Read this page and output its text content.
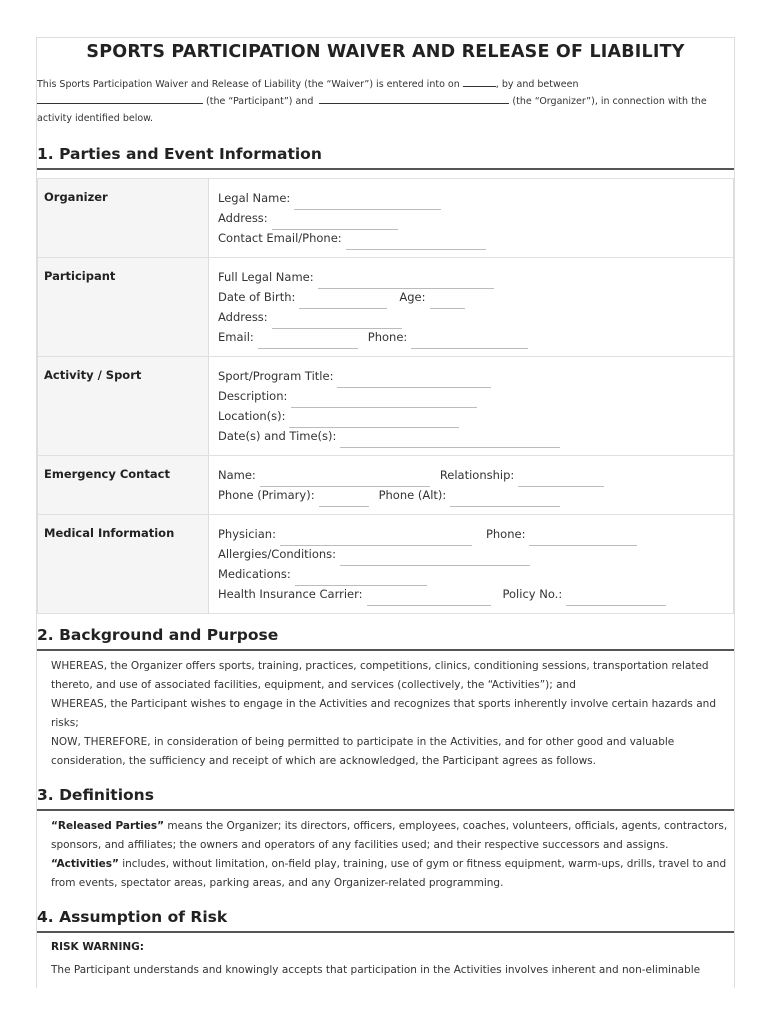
SPORTS PARTICIPATION WAIVER AND RELEASE OF LIABILITY
This Sports Participation Waiver and Release of Liability (the “Waiver”) is entered into on	, by and between
(the “Participant”) and	(the “Organizer”), in connection with the
activity identified below.
1. Parties and Event Information
Organizer	Legal Name:
Address:
Contact Email/Phone:

Participant	Full Legal Name:
Date of Birth: Age:
Address:
Email: Phone:

Activity / Sport	Sport/Program Title:
Description:
Location(s):
Date(s) and Time(s):

Emergency Contact	Name: Relationship:
Phone (Primary): Phone (Alt):

Medical Information	Physician: Phone:
Allergies/Conditions:
Medications:
Health Insurance Carrier: Policy No.:
2. Background and Purpose

WHEREAS, the Organizer offers sports, training, practices, competitions, clinics, conditioning sessions, transportation related thereto, and use of associated facilities, equipment, and services (collectively, the “Activities”); and

WHEREAS, the Participant wishes to engage in the Activities and recognizes that sports inherently involve certain hazards and risks;

NOW, THEREFORE, in consideration of being permitted to participate in the Activities, and for other good and valuable consideration, the sufficiency and receipt of which are acknowledged, the Participant agrees as follows.

3. Definitions

“Released Parties” means the Organizer; its directors, officers, employees, coaches, volunteers, officials, agents, contractors, sponsors, and affiliates; the owners and operators of any facilities used; and their respective successors and assigns.

“Activities” includes, without limitation, on-field play, training, use of gym or fitness equipment, warm-ups, drills, travel to and from events, spectator areas, parking areas, and any Organizer-related programming.

4. Assumption of Risk

RISK WARNING:

The Participant understands and knowingly accepts that participation in the Activities involves inherent and non-eliminable
